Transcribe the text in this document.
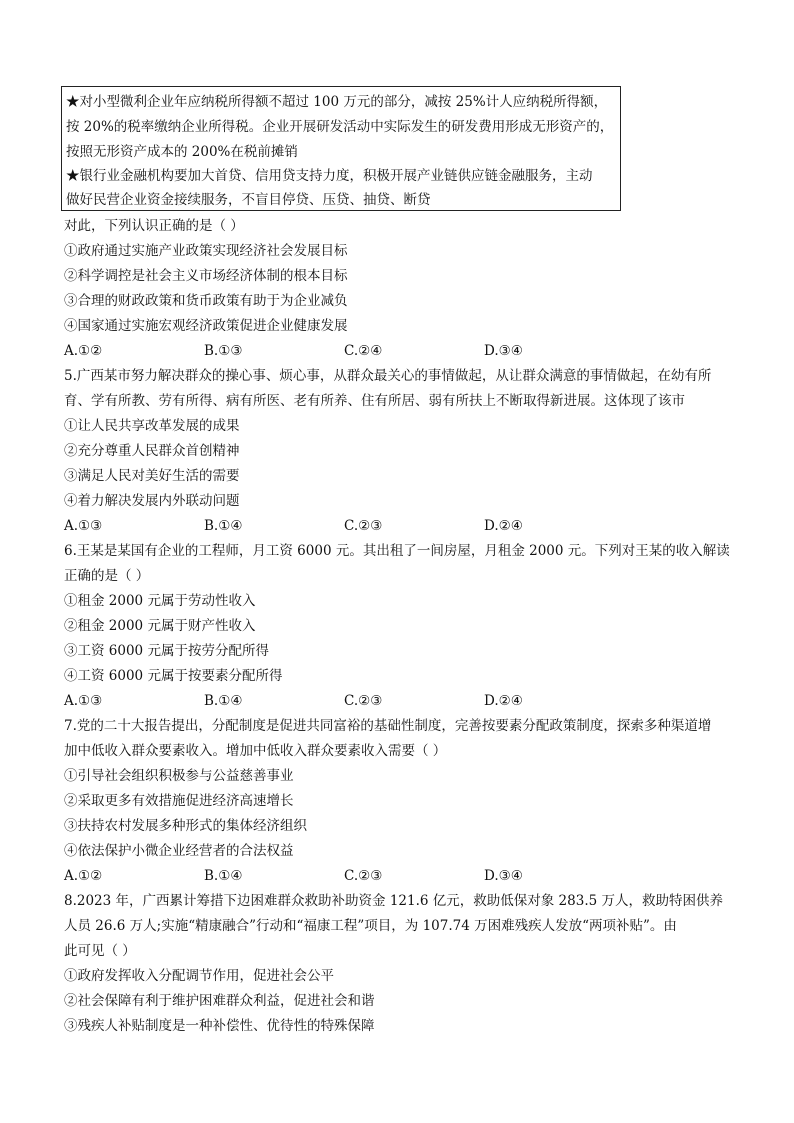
★对小型微利企业年应纳税所得额不超过 100 万元的部分，减按 25%计人应纳税所得额，
按 20%的税率缴纳企业所得税。企业开展研发活动中实际发生的研发费用形成无形资产的，
按照无形资产成本的 200%在税前摊销
★银行业金融机构要加大首贷、信用贷支持力度，积极开展产业链供应链金融服务，主动
做好民营企业资金接续服务，不盲目停贷、压贷、抽贷、断贷
对此，下列认识正确的是（ ）
①政府通过实施产业政策实现经济社会发展目标
②科学调控是社会主义市场经济体制的根本目标
③合理的财政政策和货币政策有助于为企业减负
④国家通过实施宏观经济政策促进企业健康发展
A.①②	B.①③	C.②④	D.③④
5.广西某市努力解决群众的操心事、烦心事，从群众最关心的事情做起，从让群众满意的事情做起，在幼有所
育、学有所教、劳有所得、病有所医、老有所养、住有所居、弱有所扶上不断取得新进展。这体现了该市
①让人民共享改革发展的成果
②充分尊重人民群众首创精神
③满足人民对美好生活的需要
④着力解决发展内外联动问题
A.①③	B.①④	C.②③	D.②④
6.王某是某国有企业的工程师，月工资 6000 元。其出租了一间房屋，月租金 2000 元。下列对王某的收入解读
正确的是（ ）
①租金 2000 元属于劳动性收入
②租金 2000 元属于财产性收入
③工资 6000 元属于按劳分配所得
④工资 6000 元属于按要素分配所得
A.①③	B.①④	C.②③	D.②④
7.党的二十大报告提出，分配制度是促进共同富裕的基础性制度，完善按要素分配政策制度，探索多种渠道增
加中低收入群众要素收入。增加中低收入群众要素收入需要（ ）
①引导社会组织积极参与公益慈善事业
②采取更多有效措施促进经济高速增长
③扶持农村发展多种形式的集体经济组织
④依法保护小微企业经营者的合法权益
A.①②	B.①④	C.②③	D.③④
8.2023 年，广西累计筹措下边困难群众救助补助资金 121.6 亿元，救助低保对象 283.5 万人，救助特困供养
人员 26.6 万人;实施“精康融合”行动和“福康工程”项目，为 107.74 万困难残疾人发放“两项补贴”。由
此可见（ ）
①政府发挥收入分配调节作用，促进社会公平
②社会保障有利于维护困难群众利益，促进社会和谐
③残疾人补贴制度是一种补偿性、优待性的特殊保障
